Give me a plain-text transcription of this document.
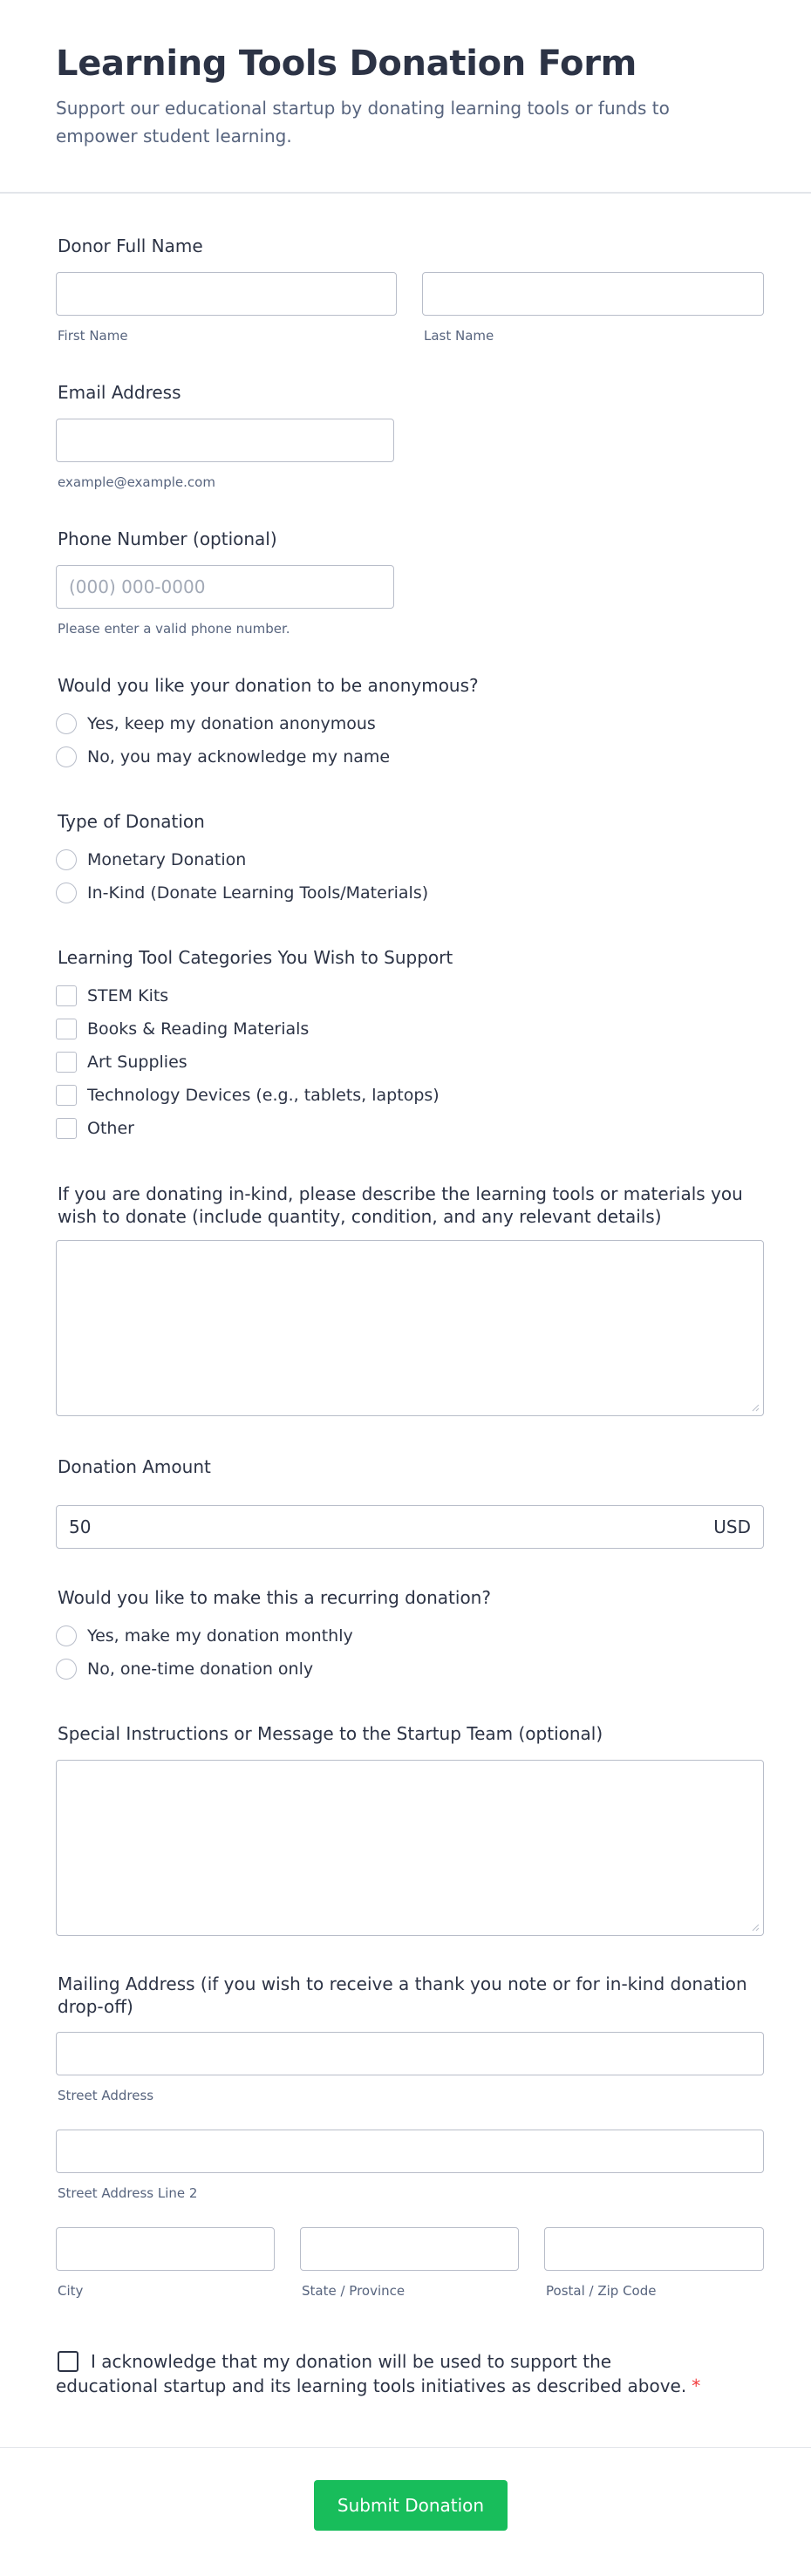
Learning Tools Donation Form
Support our educational startup by donating learning tools or funds to empower student learning.
Donor Full Name
First Name	Last Name
Email Address
example@example.com
Phone Number (optional)
(000) 000-0000
Please enter a valid phone number.
Would you like your donation to be anonymous?
Yes, keep my donation anonymous
No, you may acknowledge my name
Type of Donation
Monetary Donation
In-Kind (Donate Learning Tools/Materials)
Learning Tool Categories You Wish to Support
STEM Kits
Books & Reading Materials
Art Supplies
Technology Devices (e.g., tablets, laptops)
Other
If you are donating in-kind, please describe the learning tools or materials you wish to donate (include quantity, condition, and any relevant details)
Donation Amount
50	USD
Would you like to make this a recurring donation?
Yes, make my donation monthly
No, one-time donation only
Special Instructions or Message to the Startup Team (optional)
Mailing Address (if you wish to receive a thank you note or for in-kind donation drop-off)
Street Address
Street Address Line 2
City	State / Province	Postal / Zip Code
I acknowledge that my donation will be used to support the educational startup and its learning tools initiatives as described above. *
Submit Donation
